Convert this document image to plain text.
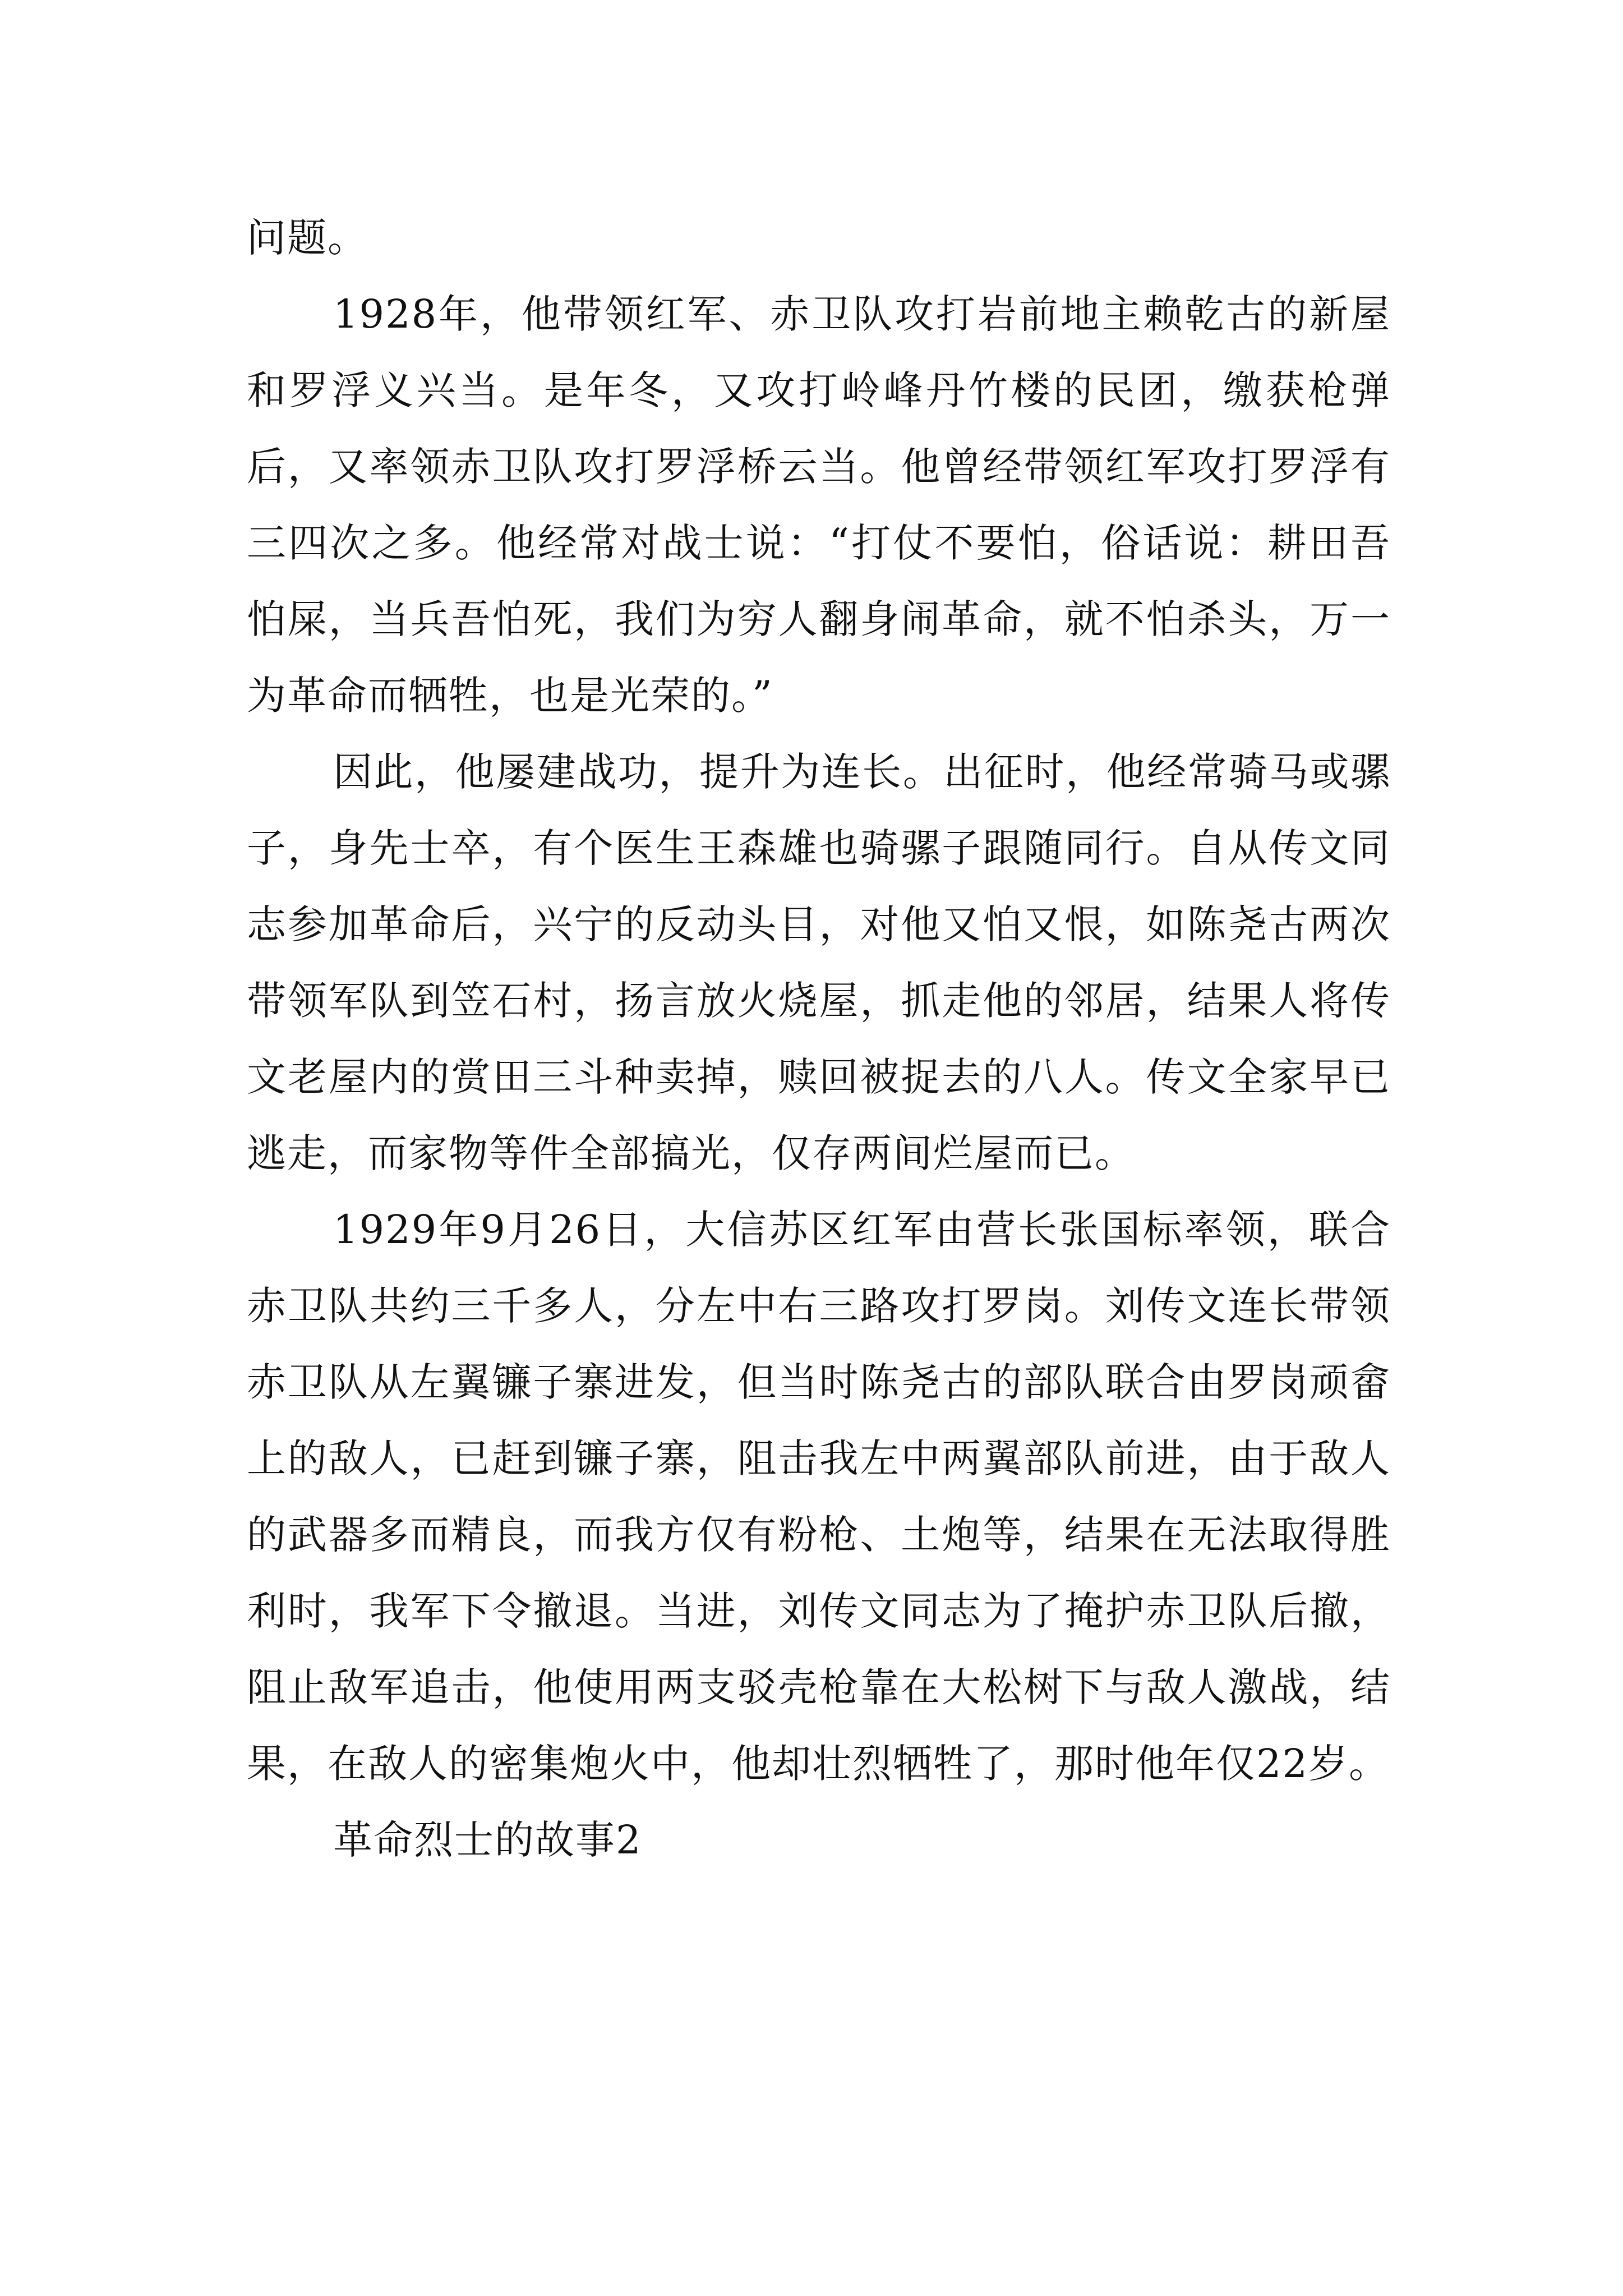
问题。

1928年，他带领红军、赤卫队攻打岩前地主赖乾古的新屋和罗浮义兴当。是年冬，又攻打岭峰丹竹楼的民团，缴获枪弹后，又率领赤卫队攻打罗浮桥云当。他曾经带领红军攻打罗浮有三四次之多。他经常对战士说：“打仗不要怕，俗话说：耕田吾怕屎，当兵吾怕死，我们为穷人翻身闹革命，就不怕杀头，万一为革命而牺牲，也是光荣的。”

因此，他屡建战功，提升为连长。出征时，他经常骑马或骡子，身先士卒，有个医生王森雄也骑骡子跟随同行。自从传文同志参加革命后，兴宁的反动头目，对他又怕又恨，如陈尧古两次带领军队到笠石村，扬言放火烧屋，抓走他的邻居，结果人将传文老屋内的赏田三斗种卖掉，赎回被捉去的八人。传文全家早已逃走，而家物等件全部搞光，仅存两间烂屋而已。

1929年9月26日，大信苏区红军由营长张国标率领，联合赤卫队共约三千多人，分左中右三路攻打罗岗。刘传文连长带领赤卫队从左翼镰子寨进发，但当时陈尧古的部队联合由罗岗顽畲上的敌人，已赶到镰子寨，阻击我左中两翼部队前进，由于敌人的武器多而精良，而我方仅有粉枪、土炮等，结果在无法取得胜利时，我军下令撤退。当进，刘传文同志为了掩护赤卫队后撤，阻止敌军追击，他使用两支驳壳枪靠在大松树下与敌人激战，结果，在敌人的密集炮火中，他却壮烈牺牲了，那时他年仅22岁。

革命烈士的故事2
